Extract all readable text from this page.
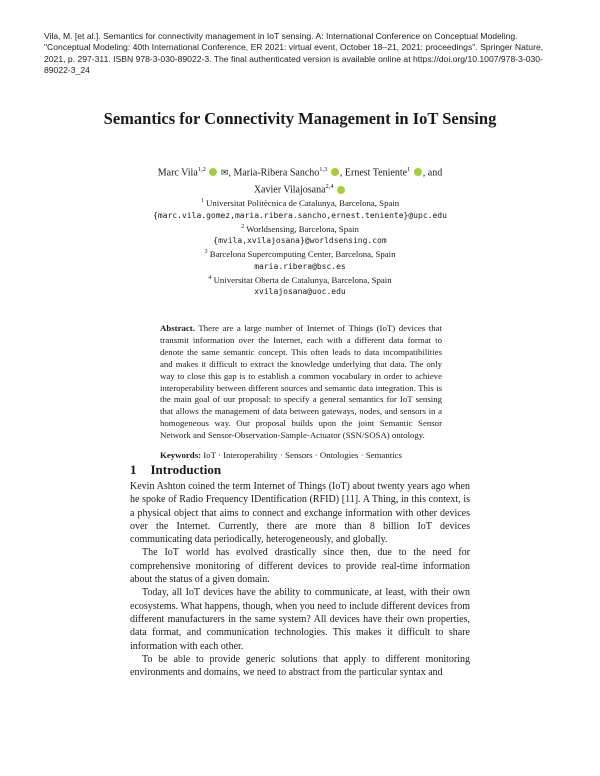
Vila, M. [et al.]. Semantics for connectivity management in IoT sensing. A: International Conference on Conceptual Modeling. "Conceptual Modeling: 40th International Conference, ER 2021: virtual event, October 18–21, 2021: proceedings". Springer Nature, 2021, p. 297-311. ISBN 978-3-030-89022-3. The final authenticated version is available online at https://doi.org/10.1007/978-3-030-89022-3_24
Semantics for Connectivity Management in IoT Sensing
Marc Vila$^{1,2}$ ✉, Maria-Ribera Sancho$^{1,3}$ , Ernest Teniente$^1$ , and
Xavier Vilajosana$^{2,4}$
$^1$ Universitat Politècnica de Catalunya, Barcelona, Spain
{marc.vila.gomez,maria.ribera.sancho,ernest.teniente}@upc.edu
$^2$ Worldsensing, Barcelona, Spain
{mvila,xvilajosana}@worldsensing.com
$^3$ Barcelona Supercomputing Center, Barcelona, Spain
maria.ribera@bsc.es
$^4$ Universitat Oberta de Catalunya, Barcelona, Spain
xvilajosana@uoc.edu
Abstract. There are a large number of Internet of Things (IoT) devices that transmit information over the Internet, each with a different data format to denote the same semantic concept. This often leads to data incompatibilities and makes it difficult to extract the knowledge underlying that data. The only way to close this gap is to establish a common vocabulary in order to achieve interoperability between different sources and semantic data integration. This is the main goal of our proposal: to specify a general semantics for IoT sensing that allows the management of data between gateways, nodes, and sensors in a homogeneous way. Our proposal builds upon the joint Semantic Sensor Network and Sensor-Observation-Sample-Actuator (SSN/SOSA) ontology.
Keywords: IoT · Interoperability · Sensors · Ontologies · Semantics
1 Introduction

Kevin Ashton coined the term Internet of Things (IoT) about twenty years ago when he spoke of Radio Frequency IDentification (RFID) [11]. A Thing, in this context, is a physical object that aims to connect and exchange information with other devices over the Internet. Currently, there are more than 8 billion IoT devices communicating data periodically, heterogeneously, and globally.

The IoT world has evolved drastically since then, due to the need for comprehensive monitoring of different devices to provide real-time information about the status of a given domain.

Today, all IoT devices have the ability to communicate, at least, with their own ecosystems. What happens, though, when you need to include different devices from different manufacturers in the same system? All devices have their own properties, data format, and communication technologies. This makes it difficult to share information with each other.

To be able to provide generic solutions that apply to different monitoring environments and domains, we need to abstract from the particular syntax and
